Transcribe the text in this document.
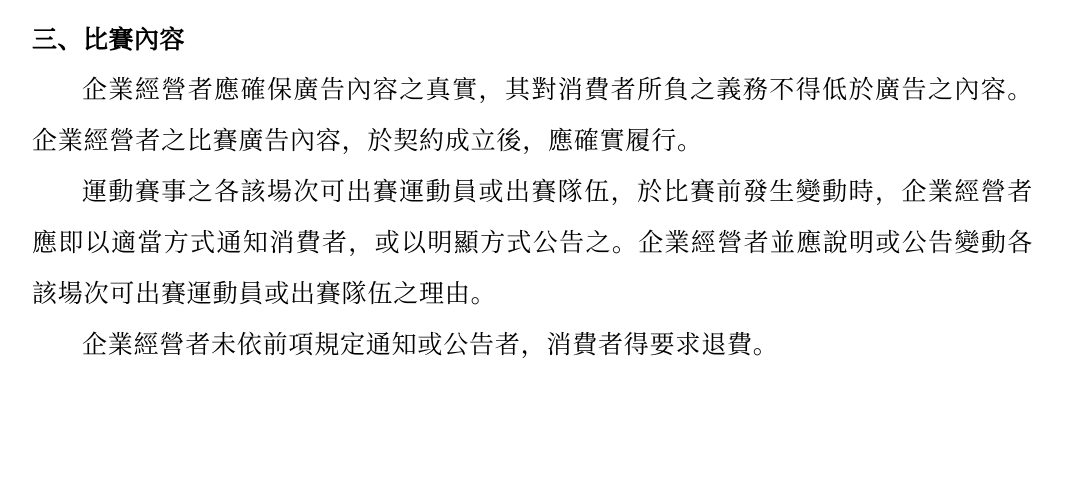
三、比賽內容

企業經營者應確保廣告內容之真實，其對消費者所負之義務不得低於廣告之內容。企業經營者之比賽廣告內容，於契約成立後，應確實履行。

運動賽事之各該場次可出賽運動員或出賽隊伍，於比賽前發生變動時，企業經營者應即以適當方式通知消費者，或以明顯方式公告之。企業經營者並應說明或公告變動各該場次可出賽運動員或出賽隊伍之理由。

企業經營者未依前項規定通知或公告者，消費者得要求退費。
